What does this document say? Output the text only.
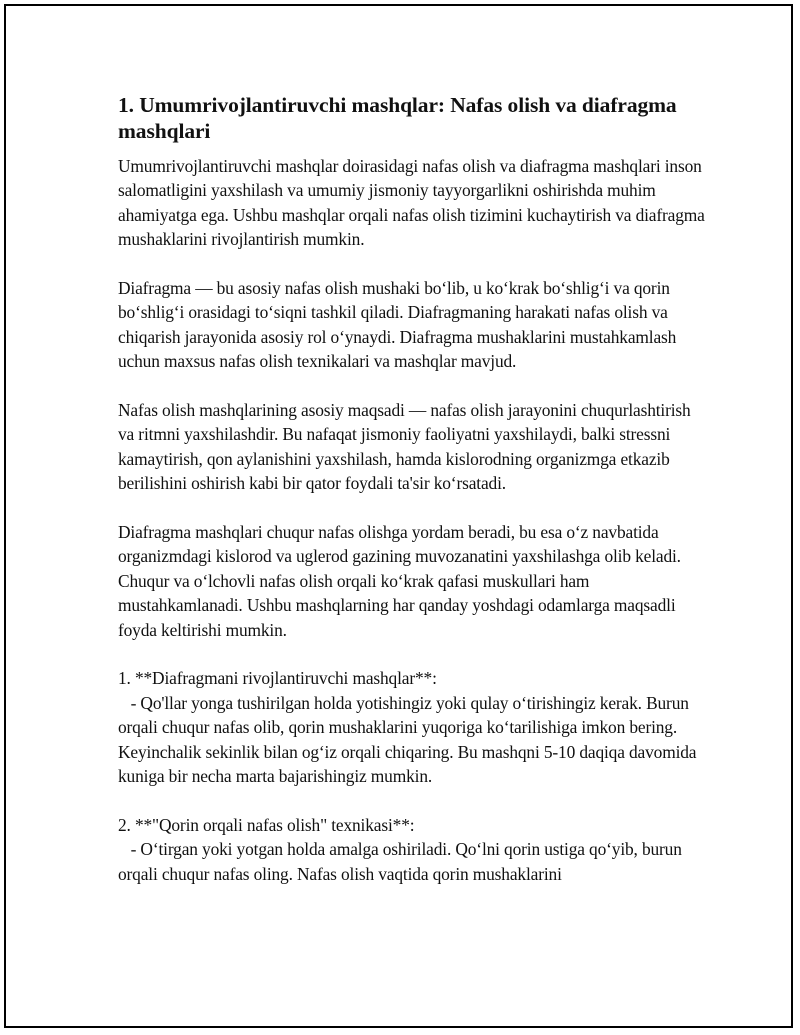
1. Umumrivojlantiruvchi mashqlar: Nafas olish va diafragma mashqlari

Umumrivojlantiruvchi mashqlar doirasidagi nafas olish va diafragma mashqlari inson salomatligini yaxshilash va umumiy jismoniy tayyorgarlikni oshirishda muhim ahamiyatga ega. Ushbu mashqlar orqali nafas olish tizimini kuchaytirish va diafragma mushaklarini rivojlantirish mumkin.

Diafragma — bu asosiy nafas olish mushaki bo‘lib, u ko‘krak bo‘shlig‘i va qorin bo‘shlig‘i orasidagi to‘siqni tashkil qiladi. Diafragmaning harakati nafas olish va chiqarish jarayonida asosiy rol o‘ynaydi. Diafragma mushaklarini mustahkamlash uchun maxsus nafas olish texnikalari va mashqlar mavjud.

Nafas olish mashqlarining asosiy maqsadi — nafas olish jarayonini chuqurlashtirish va ritmni yaxshilashdir. Bu nafaqat jismoniy faoliyatni yaxshilaydi, balki stressni kamaytirish, qon aylanishini yaxshilash, hamda kislorodning organizmga etkazib berilishini oshirish kabi bir qator foydali ta'sir ko‘rsatadi.

Diafragma mashqlari chuqur nafas olishga yordam beradi, bu esa o‘z navbatida organizmdagi kislorod va uglerod gazining muvozanatini yaxshilashga olib keladi. Chuqur va o‘lchovli nafas olish orqali ko‘krak qafasi muskullari ham mustahkamlanadi. Ushbu mashqlarning har qanday yoshdagi odamlarga maqsadli foyda keltirishi mumkin.

1. **Diafragmani rivojlantiruvchi mashqlar**:

- Qo'llar yonga tushirilgan holda yotishingiz yoki qulay o‘tirishingiz kerak. Burun orqali chuqur nafas olib, qorin mushaklarini yuqoriga ko‘tarilishiga imkon bering. Keyinchalik sekinlik bilan og‘iz orqali chiqaring. Bu mashqni 5-10 daqiqa davomida kuniga bir necha marta bajarishingiz mumkin.

2. **"Qorin orqali nafas olish" texnikasi**:

- O‘tirgan yoki yotgan holda amalga oshiriladi. Qo‘lni qorin ustiga qo‘yib, burun orqali chuqur nafas oling. Nafas olish vaqtida qorin mushaklarini
